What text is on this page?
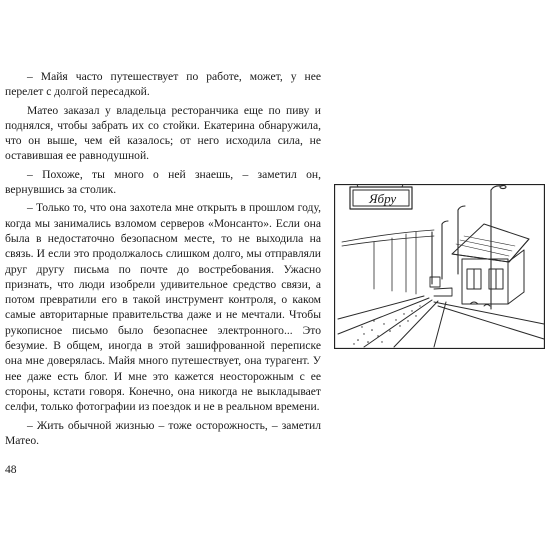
– Майя часто путешествует по работе, может, у нее перелет с долгой пересадкой.

Матео заказал у владельца ресторанчика еще по пиву и поднялся, чтобы забрать их со стойки. Екатерина обнаружила, что он выше, чем ей казалось; от него исходила сила, не оставившая ее равнодушной.

– Похоже, ты много о ней знаешь, – заметил он, вернувшись за столик.

– Только то, что она захотела мне открыть в прошлом году, когда мы занимались взломом серверов «Монсанто». Если она была в недостаточно безопасном месте, то не выходила на связь. И если это продолжалось слишком долго, мы отправляли друг другу письма по почте до востребования. Ужасно признать, что люди изобрели удивительное средство связи, а потом превратили его в такой инструмент контроля, о каком самые авторитарные правительства даже и не мечтали. Чтобы рукописное письмо было безопаснее электронного... Это безумие. В общем, иногда в этой зашифрованной переписке она мне доверялась. Майя много путешествует, она турагент. У нее даже есть блог. И мне это кажется неосторожным с ее стороны, кстати говоря. Конечно, она никогда не выкладывает селфи, только фотографии из поездок и не в реальном времени.

– Жить обычной жизнью – тоже осторожность, – заметил Матео.

48
Ябру
